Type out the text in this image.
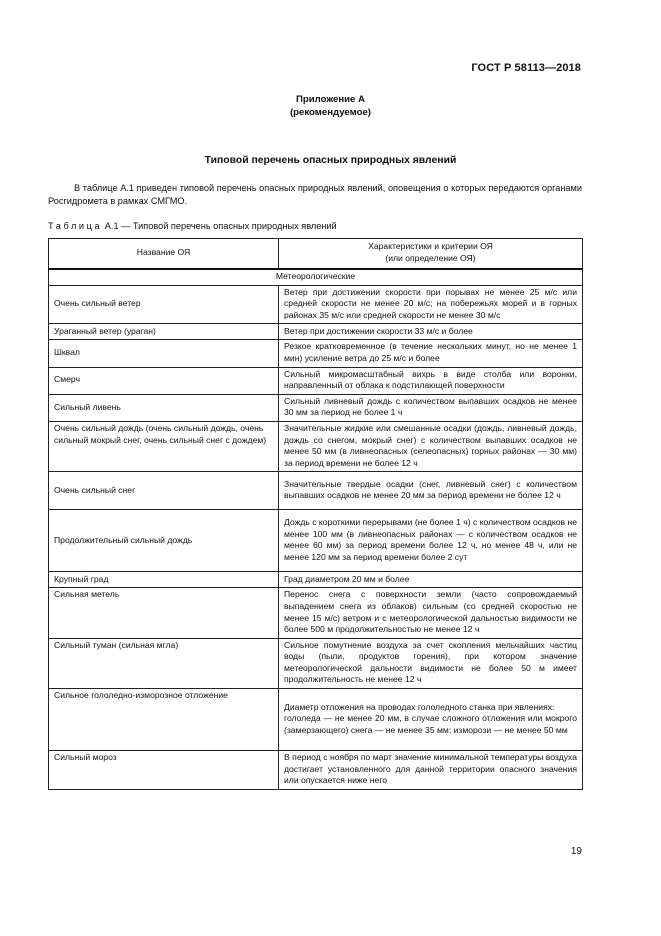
ГОСТ Р 58113—2018
Приложение А
(рекомендуемое)
Типовой перечень опасных природных явлений
В таблице А.1 приведен типовой перечень опасных природных явлений, оповещения о которых передаются органами Росгидромета в рамках СМГМО.
Таблица А.1 — Типовой перечень опасных природных явлений
Название ОЯ	Характеристики и критерии ОЯ
(или определение ОЯ)
Метеорологические	
Очень сильный ветер	Ветер при достижении скорости при порывах не менее 25 м/с или средней скорости не менее 20 м/с; на побережьях морей и в горных районах 35 м/с или средней скорости не менее 30 м/с
Ураганный ветер (ураган)	Ветер при достижении скорости 33 м/с и более
Шквал	Резкое кратковременное (в течение нескольких минут, но не менее 1 мин) усиление ветра до 25 м/с и более
Смерч	Сильный микромасштабный вихрь в виде столба или воронки, направленный от облака к подстилающей поверхности
Сильный ливень	Сильный ливневый дождь с количеством выпавших осадков не менее 30 мм за период не более 1 ч
Очень сильный дождь (очень сильный дождь, очень сильный мокрый снег, очень сильный снег с дождем)	Значительные жидкие или смешанные осадки (дождь, ливневый дождь, дождь со снегом, мокрый снег) с количеством выпавших осадков не менее 50 мм (в ливнеопасных (селеопасных) горных районах — 30 мм) за период времени не более 12 ч
Очень сильный снег	Значительные твердые осадки (снег, ливневый снег) с количеством выпавших осадков не менее 20 мм за период времени не более 12 ч
Продолжительный сильный дождь	Дождь с короткими перерывами (не более 1 ч) с количеством осадков не менее 100 мм (в ливнеопасных районах — с количеством осадков не менее 60 мм) за период времени более 12 ч, но менее 48 ч, или не менее 120 мм за период времени более 2 сут
Крупный град	Град диаметром 20 мм и более
Сильная метель	Перенос снега с поверхности земли (часто сопровождаемый выпадением снега из облаков) сильным (со средней скоростью не менее 15 м/с) ветром и с метеорологической дальностью видимости не более 500 м продолжительностью не менее 12 ч
Сильный туман (сильная мгла)	Сильное помутнение воздуха за счет скопления мельчайших частиц воды (пыли, продуктов горения), при котором значение метеорологической дальности видимости не более 50 м имеет продолжительность не менее 12 ч
Сильное гололедно-изморозное отложение	Диаметр отложения на проводах гололедного станка при явлениях:
гололеда — не менее 20 мм, в случае сложного отложения или мокрого (замерзающего) снега — не менее 35 мм; изморози — не менее 50 мм
Сильный мороз	В период с ноября по март значение минимальной температуры воздуха достигает установленного для данной территории опасного значения или опускается ниже него
19
